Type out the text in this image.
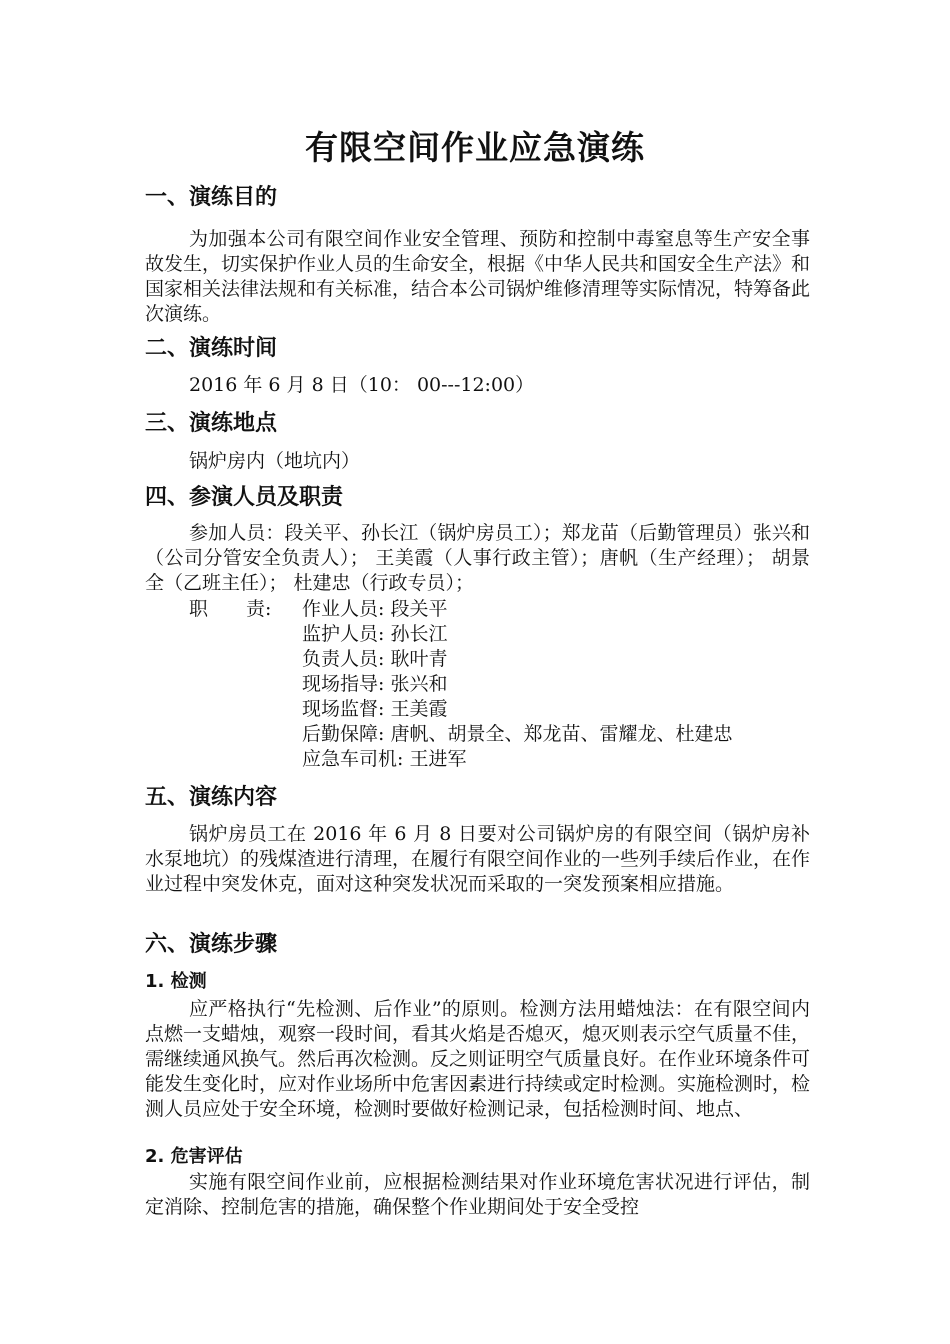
有限空间作业应急演练
一、演练目的

为加强本公司有限空间作业安全管理、预防和控制中毒窒息等生产安全事故发生，切实保护作业人员的生命安全，根据《中华人民共和国安全生产法》和国家相关法律法规和有关标准，结合本公司锅炉维修清理等实际情况，特筹备此次演练。

二、演练时间
2016 年 6 月 8 日（10： 00---12:00）
三、演练地点
锅炉房内（地坑内）
四、参演人员及职责

参加人员：段关平、孙长江（锅炉房员工）；郑龙苗（后勤管理员）张兴和（公司分管安全负责人）； 王美霞（人事行政主管）；唐帆（生产经理）； 胡景全（乙班主任）； 杜建忠（行政专员）；

职　　责: 作业人员: 段关平
监护人员: 孙长江
负责人员: 耿叶青
现场指导: 张兴和
现场监督: 王美霞
后勤保障: 唐帆、胡景全、郑龙苗、雷耀龙、杜建忠
应急车司机: 王进军
五、演练内容

锅炉房员工在 2016 年 6 月 8 日要对公司锅炉房的有限空间（锅炉房补水泵地坑）的残煤渣进行清理，在履行有限空间作业的一些列手续后作业，在作业过程中突发休克，面对这种突发状况而采取的一突发预案相应措施。

六、演练步骤
1. 检测

应严格执行“先检测、后作业”的原则。检测方法用蜡烛法：在有限空间内点燃一支蜡烛，观察一段时间，看其火焰是否熄灭，熄灭则表示空气质量不佳，需继续通风换气。然后再次检测。反之则证明空气质量良好。在作业环境条件可能发生变化时，应对作业场所中危害因素进行持续或定时检测。实施检测时，检测人员应处于安全环境，检测时要做好检测记录，包括检测时间、地点、

2. 危害评估

实施有限空间作业前，应根据检测结果对作业环境危害状况进行评估，制定消除、控制危害的措施，确保整个作业期间处于安全受控
